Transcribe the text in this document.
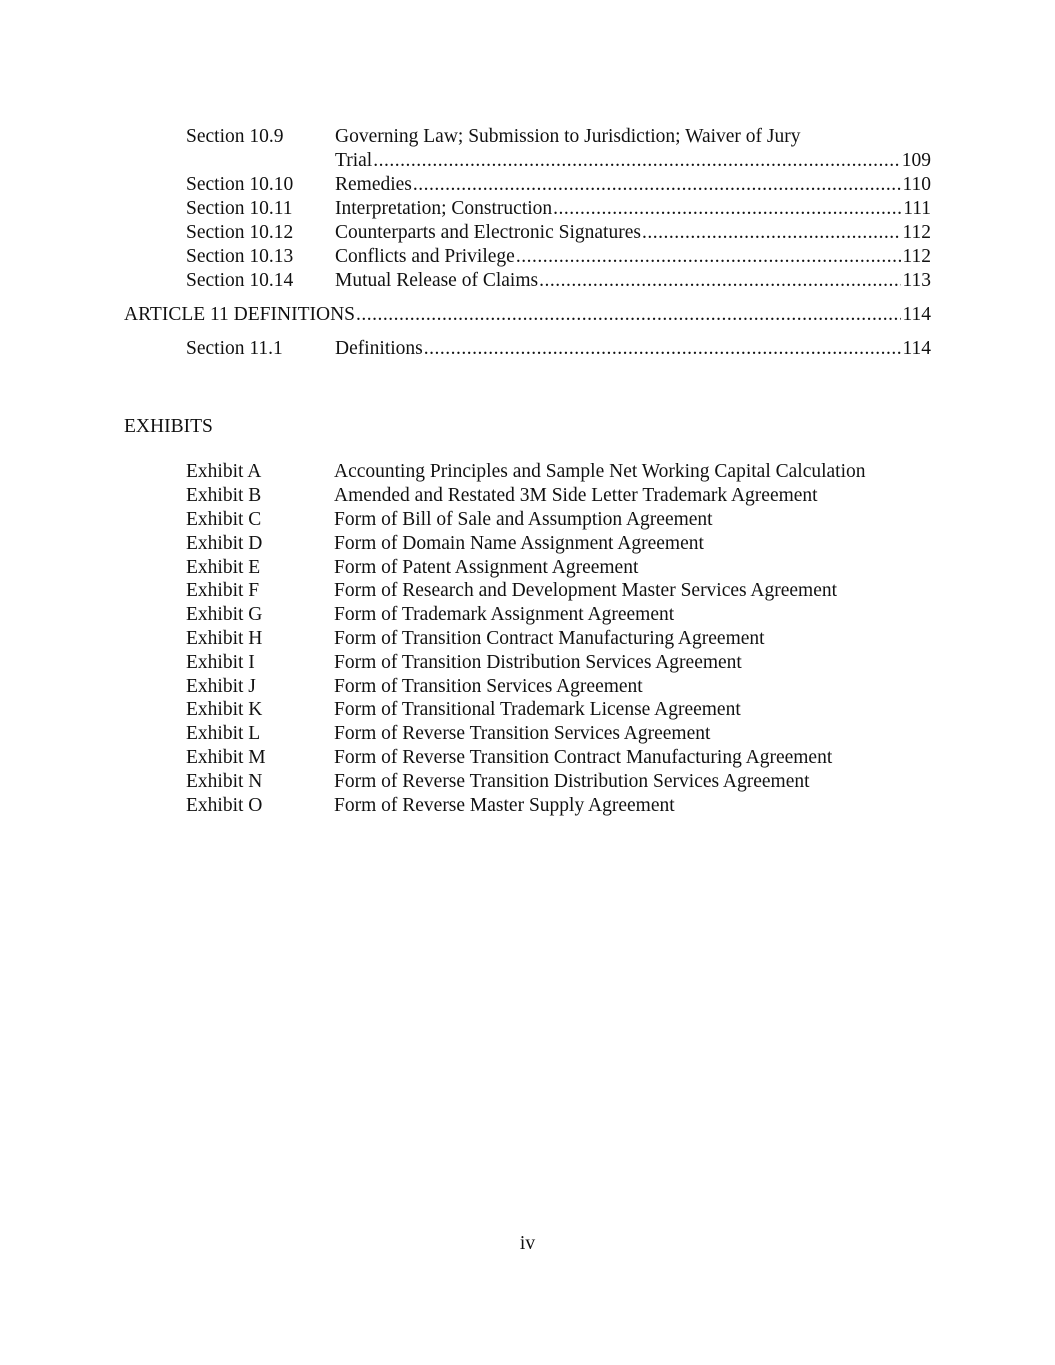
Section 10.9	Governing Law; Submission to Jurisdiction; Waiver of Jury
Trial .....	109
Section 10.10 Remedies .....	110
Section 10.11 Interpretation; Construction .....	111
Section 10.12 Counterparts and Electronic Signatures .....	112
Section 10.13 Conflicts and Privilege .....	112
Section 10.14 Mutual Release of Claims .....	113
ARTICLE 11 DEFINITIONS .....	114
Section 11.1	Definitions .....	114
EXHIBITS
Exhibit A	Accounting Principles and Sample Net Working Capital Calculation
Exhibit B	Amended and Restated 3M Side Letter Trademark Agreement
Exhibit C	Form of Bill of Sale and Assumption Agreement
Exhibit D	Form of Domain Name Assignment Agreement
Exhibit E	Form of Patent Assignment Agreement
Exhibit F	Form of Research and Development Master Services Agreement
Exhibit G	Form of Trademark Assignment Agreement
Exhibit H	Form of Transition Contract Manufacturing Agreement
Exhibit I	Form of Transition Distribution Services Agreement
Exhibit J	Form of Transition Services Agreement
Exhibit K	Form of Transitional Trademark License Agreement
Exhibit L	Form of Reverse Transition Services Agreement
Exhibit M	Form of Reverse Transition Contract Manufacturing Agreement
Exhibit N	Form of Reverse Transition Distribution Services Agreement
Exhibit O	Form of Reverse Master Supply Agreement
iv
